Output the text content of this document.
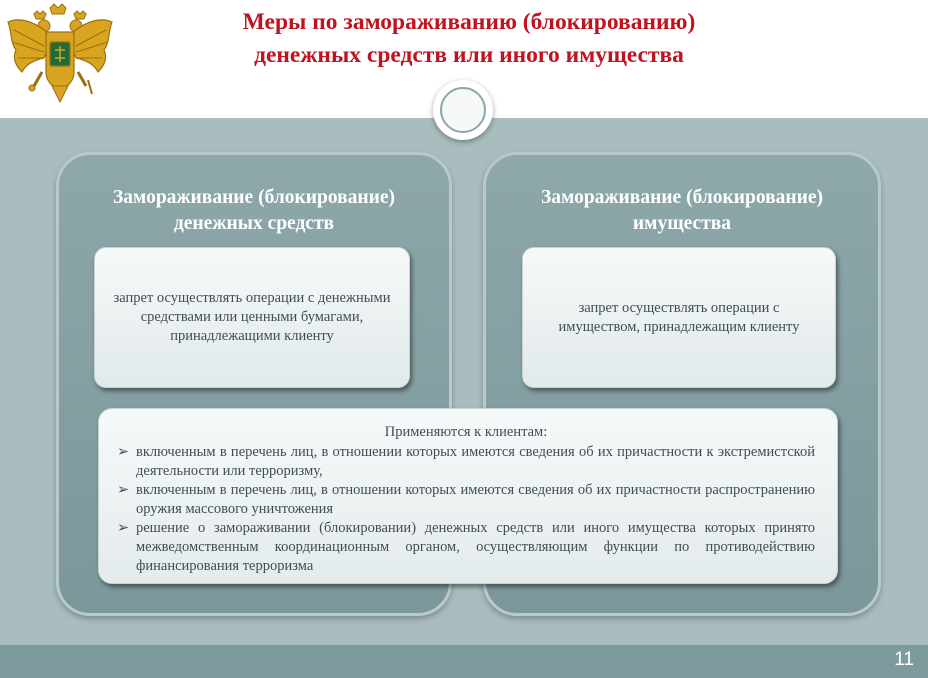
Меры по замораживанию (блокированию)
денежных средств или иного имущества
Замораживание (блокирование)
денежных средств
Замораживание (блокирование)
имущества
запрет осуществлять операции с денежными средствами или ценными бумагами, принадлежащими клиенту
запрет осуществлять операции с имуществом, принадлежащим клиенту

Применяются к клиентам:

➢ включенным в перечень лиц, в отношении которых имеются сведения об их причастности к экстремистской деятельности или терроризму,
➢ включенным в перечень лиц, в отношении которых имеются сведения об их причастности распространению оружия массового уничтожения
➢ решение о замораживании (блокировании) денежных средств или иного имущества которых принято межведомственным координационным органом, осуществляющим функции по противодействию финансирования терроризма
11
